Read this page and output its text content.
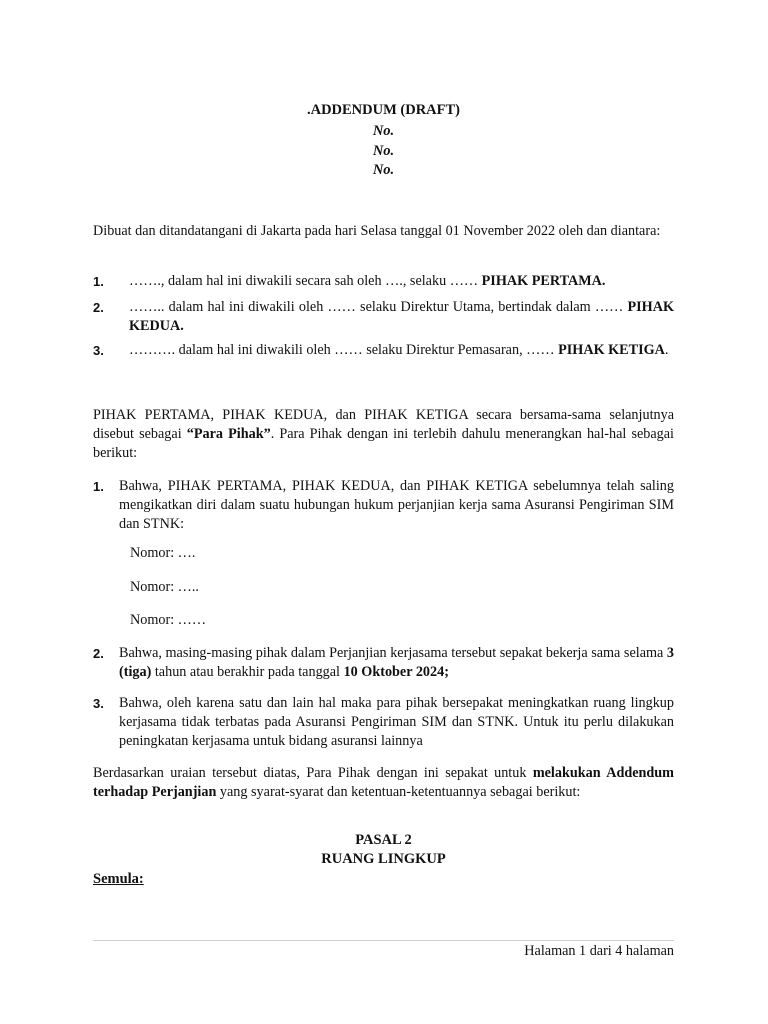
.ADDENDUM (DRAFT)
No.
No.
No.
Dibuat dan ditandatangani di Jakarta pada hari Selasa tanggal 01 November 2022 oleh dan diantara:
1. ……., dalam hal ini diwakili secara sah oleh …., selaku …… PIHAK PERTAMA.
2. …….. dalam hal ini diwakili oleh …… selaku Direktur Utama, bertindak dalam …… PIHAK KEDUA.
3. ………. dalam hal ini diwakili oleh …… selaku Direktur Pemasaran, …… PIHAK KETIGA.
PIHAK PERTAMA, PIHAK KEDUA, dan PIHAK KETIGA secara bersama-sama selanjutnya disebut sebagai “Para Pihak”. Para Pihak dengan ini terlebih dahulu menerangkan hal-hal sebagai berikut:
1. Bahwa, PIHAK PERTAMA, PIHAK KEDUA, dan PIHAK KETIGA sebelumnya telah saling mengikatkan diri dalam suatu hubungan hukum perjanjian kerja sama Asuransi Pengiriman SIM dan STNK:
Nomor: ….
Nomor: …..
Nomor: ……
2. Bahwa, masing-masing pihak dalam Perjanjian kerjasama tersebut sepakat bekerja sama selama 3 (tiga) tahun atau berakhir pada tanggal 10 Oktober 2024;
3. Bahwa, oleh karena satu dan lain hal maka para pihak bersepakat meningkatkan ruang lingkup kerjasama tidak terbatas pada Asuransi Pengiriman SIM dan STNK. Untuk itu perlu dilakukan peningkatan kerjasama untuk bidang asuransi lainnya
Berdasarkan uraian tersebut diatas, Para Pihak dengan ini sepakat untuk melakukan Addendum terhadap Perjanjian yang syarat-syarat dan ketentuan-ketentuannya sebagai berikut:
PASAL 2
RUANG LINGKUP
Semula:
Halaman 1 dari 4 halaman
